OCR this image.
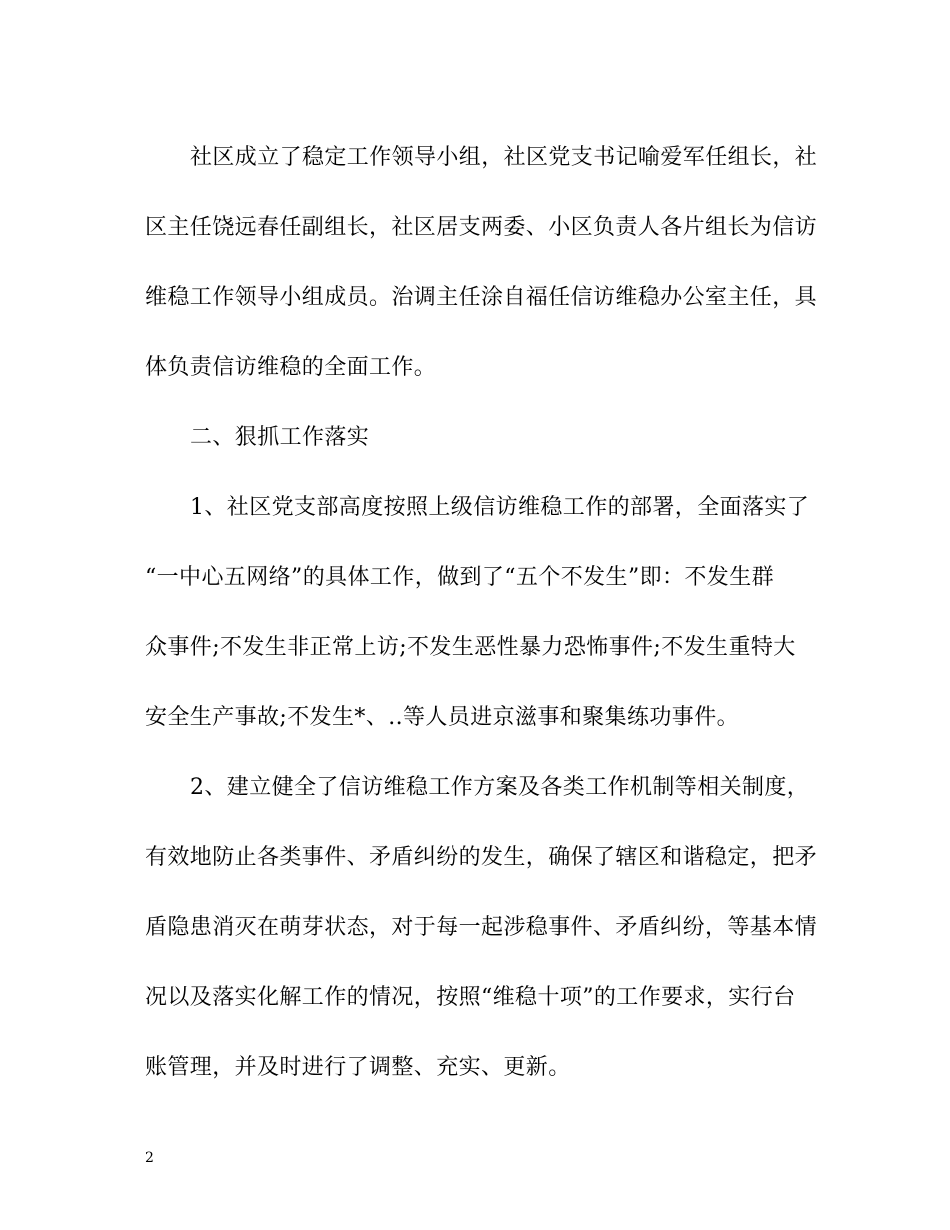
社区成立了稳定工作领导小组，社区党支书记喻爱军任组长，社
区主任饶远春任副组长，社区居支两委、小区负责人各片组长为信访
维稳工作领导小组成员。治调主任涂自福任信访维稳办公室主任，具
体负责信访维稳的全面工作。
二、狠抓工作落实
1、社区党支部高度按照上级信访维稳工作的部署，全面落实了
“一中心五网络”的具体工作，做到了“五个不发生”即：不发生群
众事件;不发生非正常上访;不发生恶性暴力恐怖事件;不发生重特大
安全生产事故;不发生*、..等人员进京滋事和聚集练功事件。
2、建立健全了信访维稳工作方案及各类工作机制等相关制度，
有效地防止各类事件、矛盾纠纷的发生，确保了辖区和谐稳定，把矛
盾隐患消灭在萌芽状态，对于每一起涉稳事件、矛盾纠纷，等基本情
况以及落实化解工作的情况，按照“维稳十项”的工作要求，实行台
账管理，并及时进行了调整、充实、更新。
2
